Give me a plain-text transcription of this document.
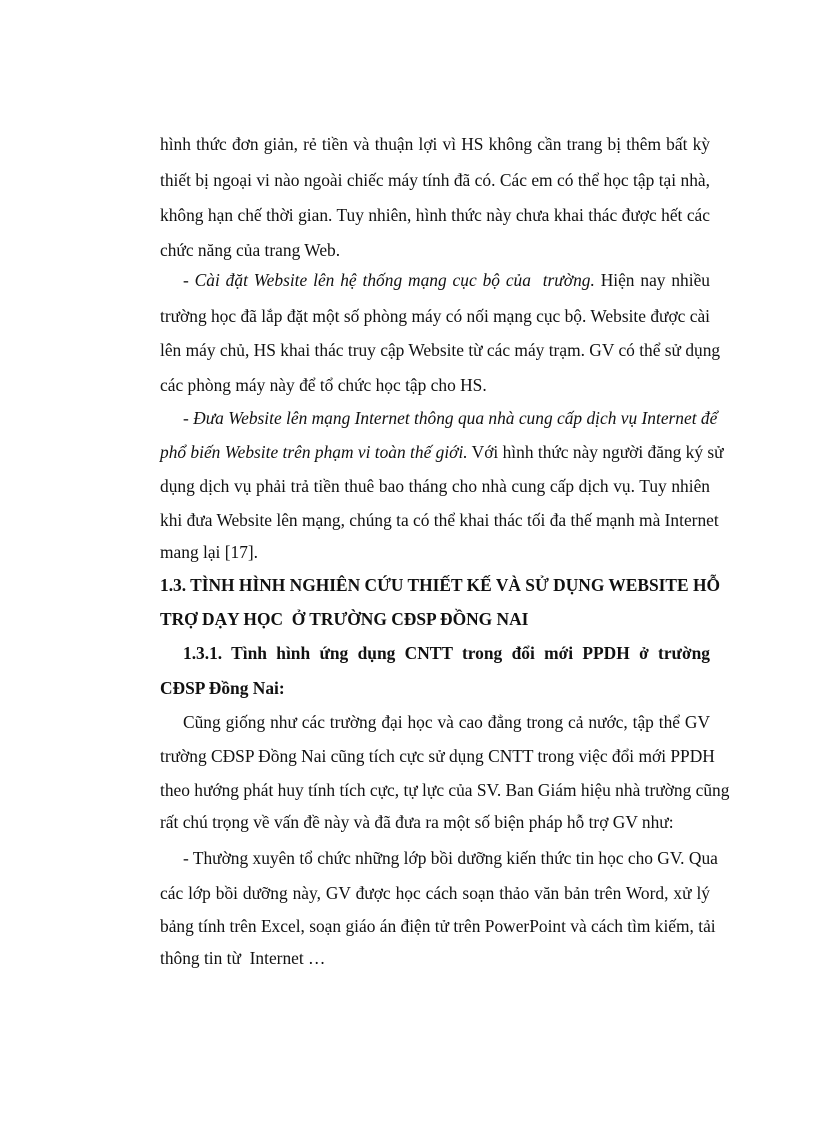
hình thức đơn giản, rẻ tiền và thuận lợi vì HS không cần trang bị thêm bất kỳ
thiết bị ngoại vi nào ngoài chiếc máy tính đã có. Các em có thể học tập tại nhà,
không hạn chế thời gian. Tuy nhiên, hình thức này chưa khai thác được hết các
chức năng của trang Web.
- Cài đặt Website lên hệ thống mạng cục bộ của  trường. Hiện nay nhiều
trường học đã lắp đặt một số phòng máy có nối mạng cục bộ. Website được cài
lên máy chủ, HS khai thác truy cập Website từ các máy trạm. GV có thể sử dụng
các phòng máy này để tổ chức học tập cho HS.
- Đưa Website lên mạng Internet thông qua nhà cung cấp dịch vụ Internet để
phổ biến Website trên phạm vi toàn thế giới. Với hình thức này người đăng ký sử
dụng dịch vụ phải trả tiền thuê bao tháng cho nhà cung cấp dịch vụ. Tuy nhiên
khi đưa Website lên mạng, chúng ta có thể khai thác tối đa thế mạnh mà Internet
mang lại [17].
1.3. TÌNH HÌNH NGHIÊN CỨU THIẾT KẾ VÀ SỬ DỤNG WEBSITE HỖ
TRỢ DẠY HỌC  Ở TRƯỜNG CĐSP ĐỒNG NAI
1.3.1. Tình hình ứng dụng CNTT trong đổi mới PPDH ở trường
CĐSP Đồng Nai:
Cũng giống như các trường đại học và cao đẳng trong cả nước, tập thể GV
trường CĐSP Đồng Nai cũng tích cực sử dụng CNTT trong việc đổi mới PPDH
theo hướng phát huy tính tích cực, tự lực của SV. Ban Giám hiệu nhà trường cũng
rất chú trọng về vấn đề này và đã đưa ra một số biện pháp hỗ trợ GV như:
- Thường xuyên tổ chức những lớp bồi dưỡng kiến thức tin học cho GV. Qua
các lớp bồi dưỡng này, GV được học cách soạn thảo văn bản trên Word, xử lý
bảng tính trên Excel, soạn giáo án điện tử trên PowerPoint và cách tìm kiếm, tải
thông tin từ  Internet …
